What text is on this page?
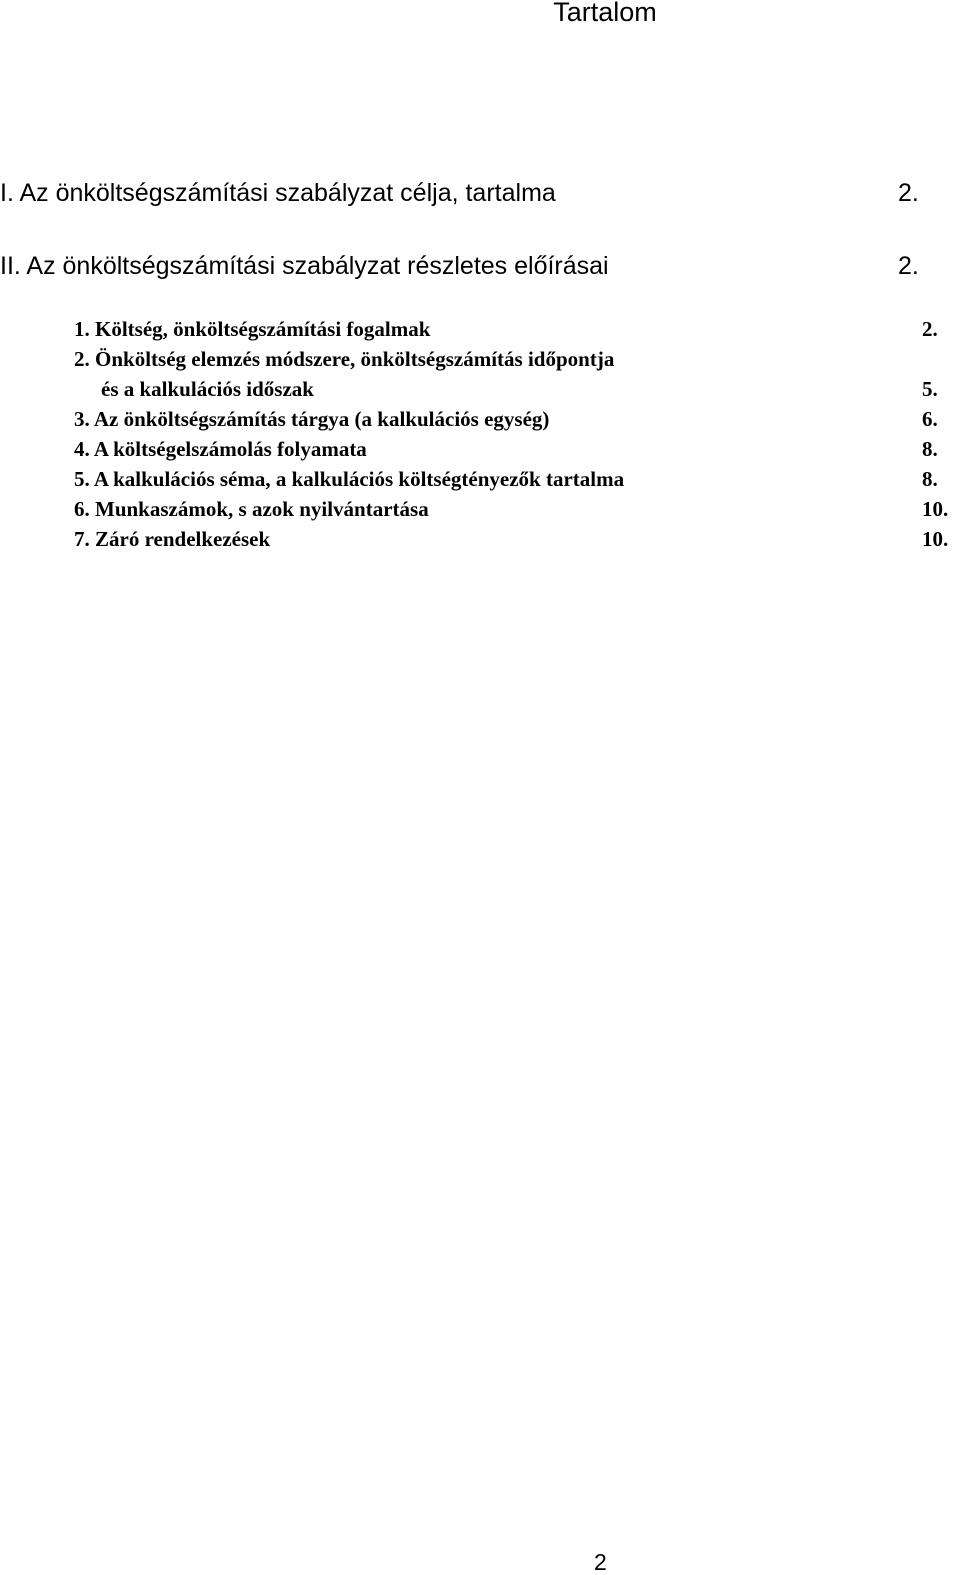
Tartalom
I. Az önköltségszámítási szabályzat célja, tartalma	2.
II. Az önköltségszámítási szabályzat részletes előírásai	2.
1. Költség, önköltségszámítási fogalmak	2.
2. Önköltség elemzés módszere, önköltségszámítás időpontja
és a kalkulációs időszak	5.
3. Az önköltségszámítás tárgya (a kalkulációs egység)	6.
4. A költségelszámolás folyamata	8.
5. A kalkulációs séma, a kalkulációs költségtényezők tartalma	8.
6. Munkaszámok, s azok nyilvántartása	10.
7. Záró rendelkezések	10.
2
